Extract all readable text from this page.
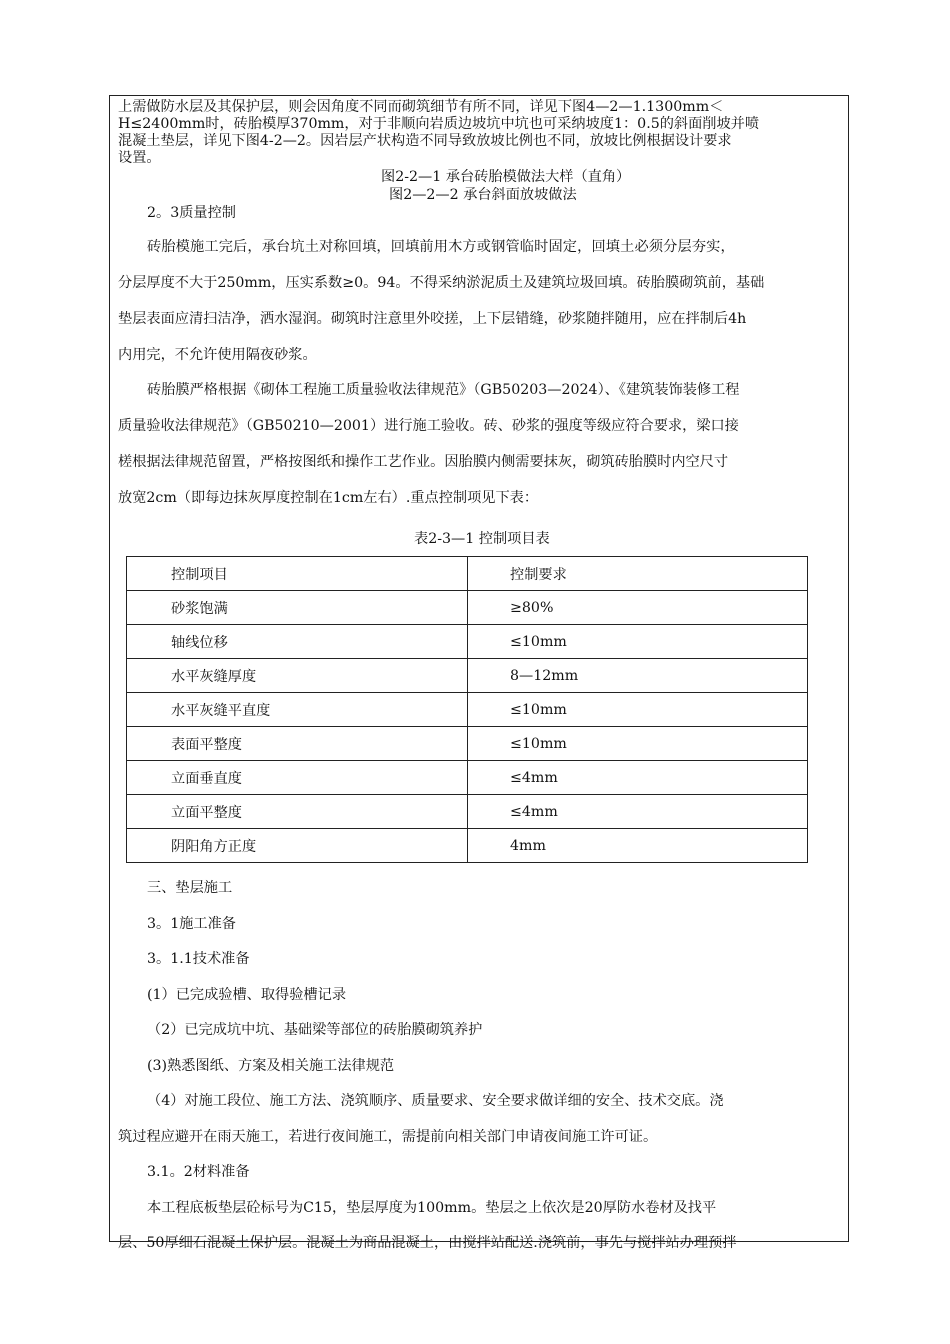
上需做防水层及其保护层，则会因角度不同而砌筑细节有所不同，详见下图4—2—1.1300mm＜
H≤2400mm时，砖胎模厚370mm，对于非顺向岩质边坡坑中坑也可采纳坡度1：0.5的斜面削坡并喷
混凝土垫层，详见下图4-2—2。因岩层产状构造不同导致放坡比例也不同，放坡比例根据设计要求
设置。
图2-2—1 承台砖胎模做法大样（直角）
图2—2—2 承台斜面放坡做法
2。3质量控制
砖胎模施工完后，承台坑土对称回填，回填前用木方或钢管临时固定，回填土必须分层夯实，
分层厚度不大于250mm，压实系数≥0。94。不得采纳淤泥质土及建筑垃圾回填。砖胎膜砌筑前，基础
垫层表面应清扫洁净，洒水湿润。砌筑时注意里外咬搓，上下层错缝，砂浆随拌随用，应在拌制后4h
内用完，不允许使用隔夜砂浆。
砖胎膜严格根据《砌体工程施工质量验收法律规范》（GB50203—2024）、《建筑装饰装修工程
质量验收法律规范》（GB50210—2001）进行施工验收。砖、砂浆的强度等级应符合要求，梁口接
槎根据法律规范留置，严格按图纸和操作工艺作业。因胎膜内侧需要抹灰，砌筑砖胎膜时内空尺寸
放宽2cm（即每边抹灰厚度控制在1cm左右）.重点控制项见下表：
表2-3—1 控制项目表
控制项目	控制要求
砂浆饱满	≥80%
轴线位移	≤10mm
水平灰缝厚度	8—12mm
水平灰缝平直度	≤10mm
表面平整度	≤10mm
立面垂直度	≤4mm
立面平整度	≤4mm
阴阳角方正度	4mm
三、垫层施工
3。1施工准备
3。1.1技术准备
(1）已完成验槽、取得验槽记录
（2）已完成坑中坑、基础梁等部位的砖胎膜砌筑养护
(3)熟悉图纸、方案及相关施工法律规范
（4）对施工段位、施工方法、浇筑顺序、质量要求、安全要求做详细的安全、技术交底。浇
筑过程应避开在雨天施工，若进行夜间施工，需提前向相关部门申请夜间施工许可证。
3.1。2材料准备
本工程底板垫层砼标号为C15，垫层厚度为100mm。垫层之上依次是20厚防水卷材及找平
层、50厚细石混凝土保护层。混凝土为商品混凝土，由搅拌站配送.浇筑前，事先与搅拌站办理预拌
